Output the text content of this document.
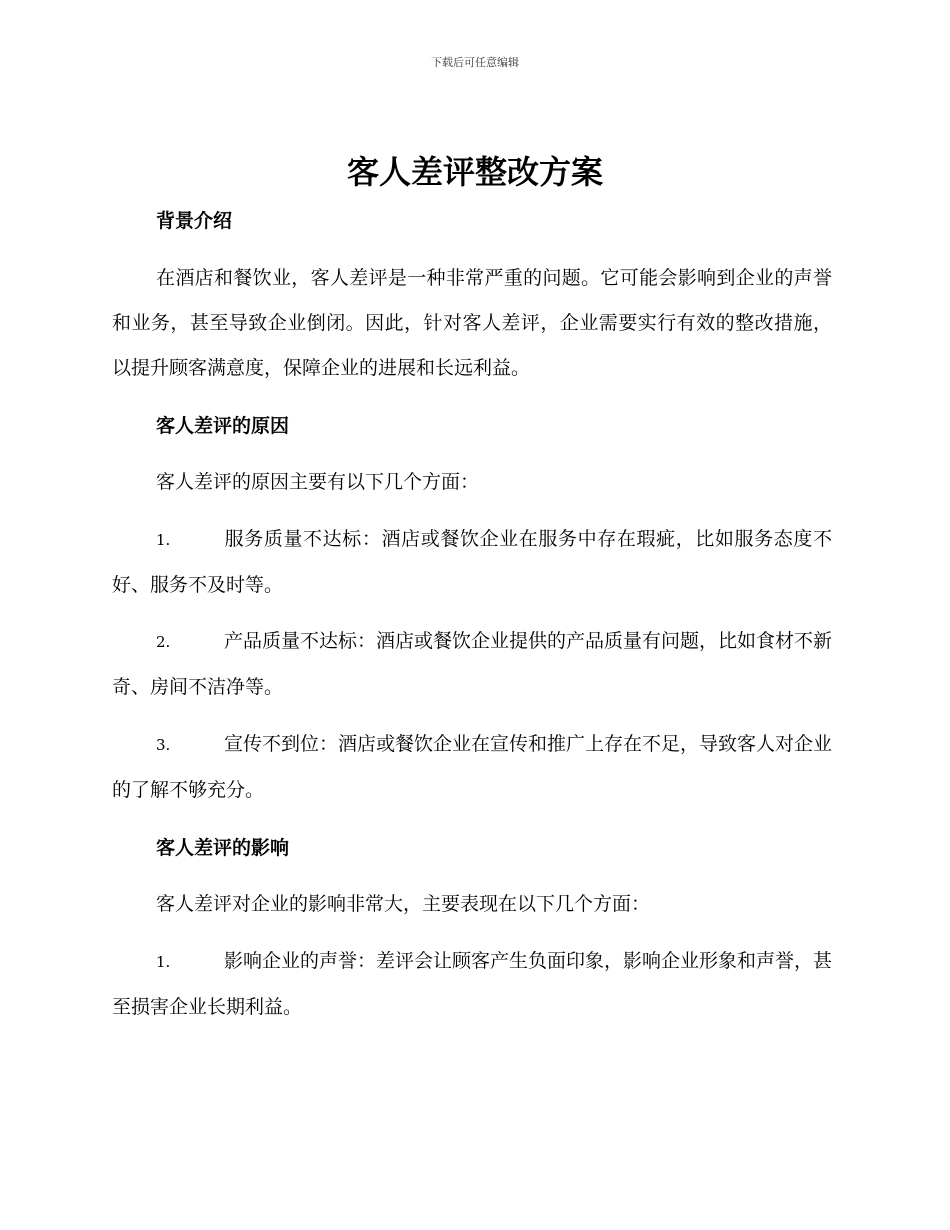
下载后可任意编辑
客人差评整改方案
背景介绍

在酒店和餐饮业，客人差评是一种非常严重的问题。它可能会影响到企业的声誉和业务，甚至导致企业倒闭。因此，针对客人差评，企业需要实行有效的整改措施，以提升顾客满意度，保障企业的进展和长远利益。

客人差评的原因

客人差评的原因主要有以下几个方面：

1.	服务质量不达标：酒店或餐饮企业在服务中存在瑕疵，比如服务态度不好、服务不及时等。

2.	产品质量不达标：酒店或餐饮企业提供的产品质量有问题，比如食材不新奇、房间不洁净等。

3.	宣传不到位：酒店或餐饮企业在宣传和推广上存在不足，导致客人对企业的了解不够充分。

客人差评的影响

客人差评对企业的影响非常大，主要表现在以下几个方面：

1.	影响企业的声誉：差评会让顾客产生负面印象，影响企业形象和声誉，甚至损害企业长期利益。
